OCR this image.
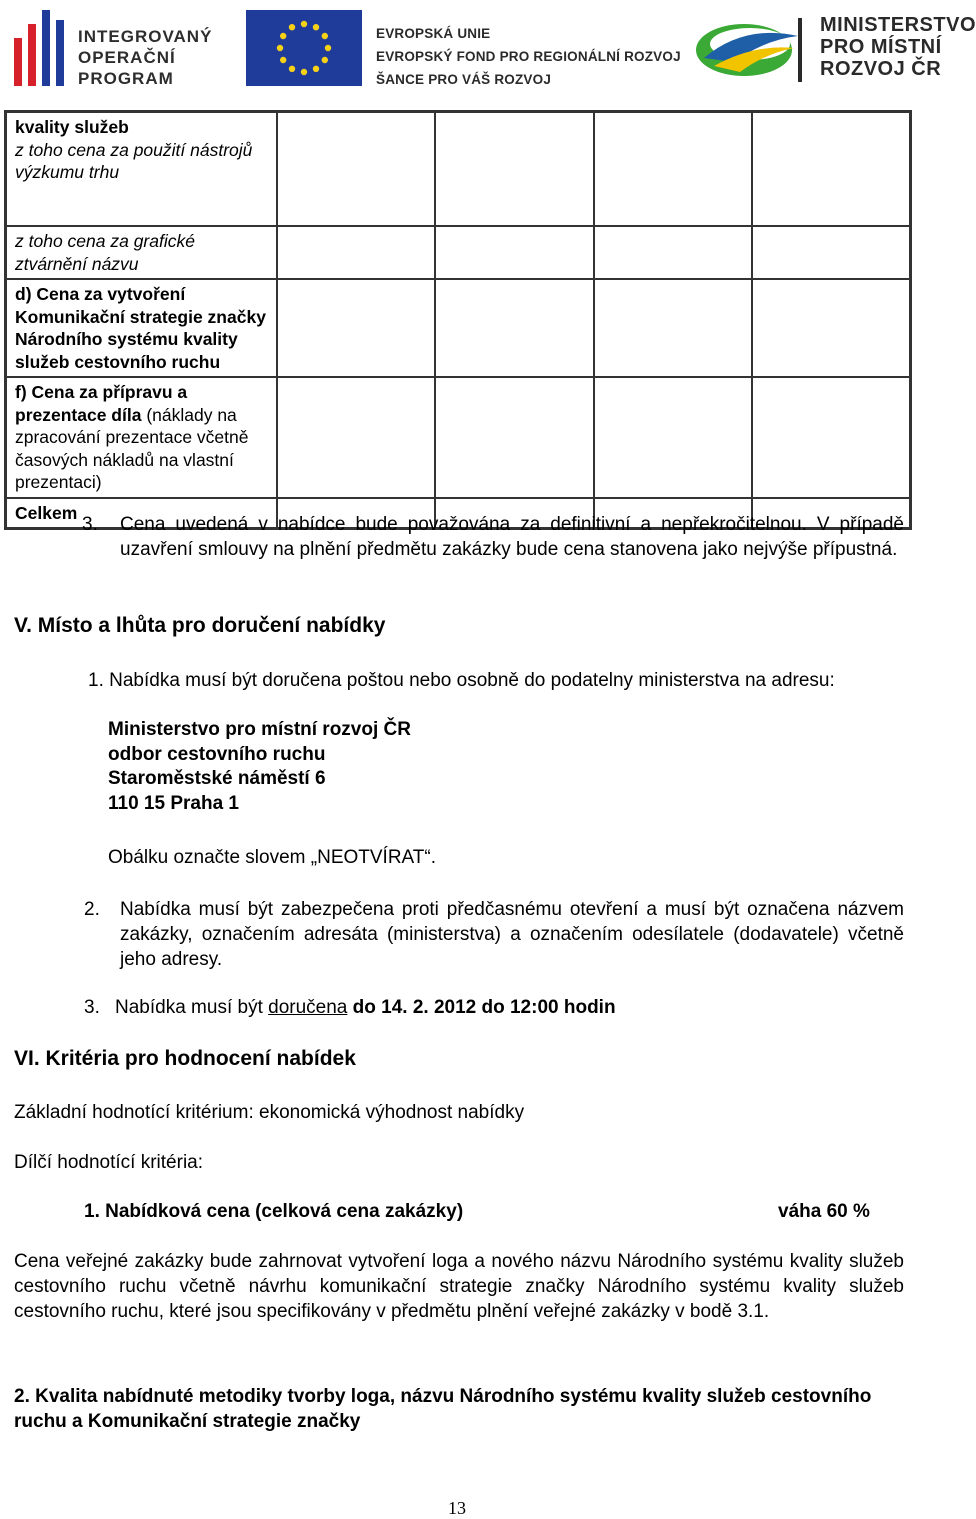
INTEGROVANÝ
OPERAČNÍ
PROGRAM
EVROPSKÁ UNIE
EVROPSKÝ FOND PRO REGIONÁLNÍ ROZVOJ
ŠANCE PRO VÁŠ ROZVOJ
MINISTERSTVO
PRO MÍSTNÍ
ROZVOJ ČR
kvality služeb
z toho cena za použití nástrojů výzkumu trhu				
z toho cena za grafické ztvárnění názvu				
d) Cena za vytvoření Komunikační strategie značky Národního systému kvality služeb cestovního ruchu				
f) Cena za přípravu a prezentace díla (náklady na zpracování prezentace včetně časových nákladů na vlastní prezentaci)				
Celkem				
3.	Cena uvedená v nabídce bude považována za definitivní a nepřekročitelnou. V případě uzavření smlouvy na plnění předmětu zakázky bude cena stanovena jako nejvýše přípustná.
V. Místo a lhůta pro doručení nabídky
1. Nabídka musí být doručena poštou nebo osobně do podatelny ministerstva na adresu:
Ministerstvo pro místní rozvoj ČR
odbor cestovního ruchu
Staroměstské náměstí 6
110 15 Praha 1
Obálku označte slovem „NEOTVÍRAT“.
2. Nabídka musí být zabezpečena proti předčasnému otevření a musí být označena názvem zakázky, označením adresáta (ministerstva) a označením odesílatele (dodavatele) včetně jeho adresy.
3. Nabídka musí být doručena do 14. 2. 2012 do 12:00 hodin
VI. Kritéria pro hodnocení nabídek
Základní hodnotící kritérium: ekonomická výhodnost nabídky
Dílčí hodnotící kritéria:
1. Nabídková cena (celková cena zakázky)	váha 60 %
Cena veřejné zakázky bude zahrnovat vytvoření loga a nového názvu Národního systému kvality služeb cestovního ruchu včetně návrhu komunikační strategie značky Národního systému kvality služeb cestovního ruchu, které jsou specifikovány v předmětu plnění veřejné zakázky v bodě 3.1.
2. Kvalita nabídnuté metodiky tvorby loga, názvu Národního systému kvality služeb cestovního ruchu a Komunikační strategie značky
13
